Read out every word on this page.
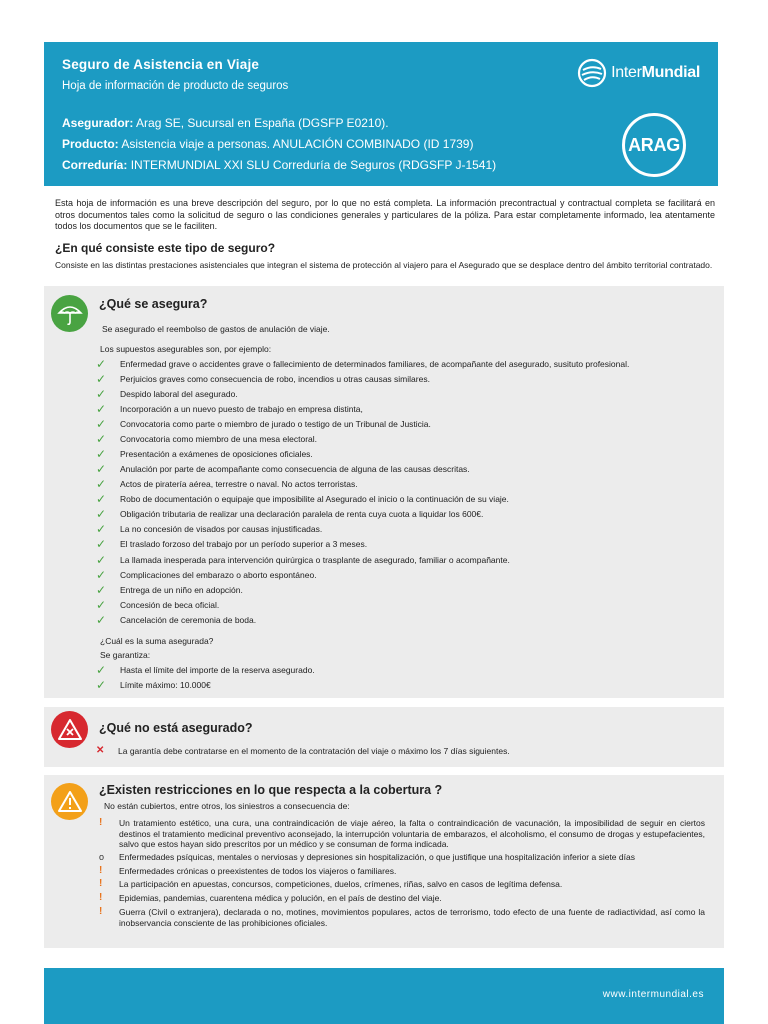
Seguro de Asistencia en Viaje
Hoja de información de producto de seguros
Asegurador: Arag SE, Sucursal en España (DGSFP E0210).
Producto: Asistencia viaje a personas. ANULACIÓN COMBINADO (ID 1739)
Correduría: INTERMUNDIAL XXI SLU Correduría de Seguros (RDGSFP J-1541)
InterMundial
ARAG
Esta hoja de información es una breve descripción del seguro, por lo que no está completa. La información precontractual y contractual completa se facilitará en otros documentos tales como la solicitud de seguro o las condiciones generales y particulares de la póliza. Para estar completamente informado, lea atentamente todos los documentos que se le faciliten.
¿En qué consiste este tipo de seguro?
Consiste en las distintas prestaciones asistenciales que integran el sistema de protección al viajero para el Asegurado que se desplace dentro del ámbito territorial contratado.
¿Qué se asegura?
Se asegurado el reembolso de gastos de anulación de viaje.
Los supuestos asegurables son, por ejemplo:
✓	Enfermedad grave o accidentes grave o fallecimiento de determinados familiares, de acompañante del asegurado, susituto profesional.
✓	Perjuicios graves como consecuencia de robo, incendios u otras causas similares.
✓	Despido laboral del asegurado.
✓	Incorporación a un nuevo puesto de trabajo en empresa distinta,
✓	Convocatoria como parte o miembro de jurado o testigo de un Tribunal de Justicia.
✓	Convocatoria como miembro de una mesa electoral.
✓	Presentación a exámenes de oposiciones oficiales.
✓	Anulación por parte de acompañante como consecuencia de alguna de las causas descritas.
✓	Actos de piratería aérea, terrestre o naval. No actos terroristas.
✓	Robo de documentación o equipaje que imposibilite al Asegurado el inicio o la continuación de su viaje.
✓	Obligación tributaria de realizar una declaración paralela de renta cuya cuota a liquidar los 600€.
✓	La no concesión de visados por causas injustificadas.
✓	El traslado forzoso del trabajo por un período superior a 3 meses.
✓	La llamada inesperada para intervención quirúrgica o trasplante de asegurado, familiar o acompañante.
✓	Complicaciones del embarazo o aborto espontáneo.
✓	Entrega de un niño en adopción.
✓	Concesión de beca oficial.
✓	Cancelación de ceremonia de boda.
¿Cuál es la suma asegurada?
Se garantiza:
✓	Hasta el límite del importe de la reserva asegurado.
✓	Límite máximo: 10.000€
¿Qué no está asegurado?
✕	La garantía debe contratarse en el momento de la contratación del viaje o máximo los 7 días siguientes.
¿Existen restricciones en lo que respecta a la cobertura ?
No están cubiertos, entre otros, los siniestros a consecuencia de:
!	Un tratamiento estético, una cura, una contraindicación de viaje aéreo, la falta o contraindicación de vacunación, la imposibilidad de seguir en ciertos destinos el tratamiento medicinal preventivo aconsejado, la interrupción voluntaria de embarazos, el alcoholismo, el consumo de drogas y estupefacientes, salvo que estos hayan sido prescritos por un médico y se consuman de forma indicada.
o	Enfermedades psíquicas, mentales o nerviosas y depresiones sin hospitalización, o que justifique una hospitalización inferior a siete días
!	Enfermedades crónicas o preexistentes de todos los viajeros o familiares.
!	La participación en apuestas, concursos, competiciones, duelos, crímenes, riñas, salvo en casos de legítima defensa.
!	Epidemias, pandemias, cuarentena médica y polución, en el país de destino del viaje.
!	Guerra (Civil o extranjera), declarada o no, motines, movimientos populares, actos de terrorismo, todo efecto de una fuente de radiactividad, así como la inobservancia consciente de las prohibiciones oficiales.
www.intermundial.es
